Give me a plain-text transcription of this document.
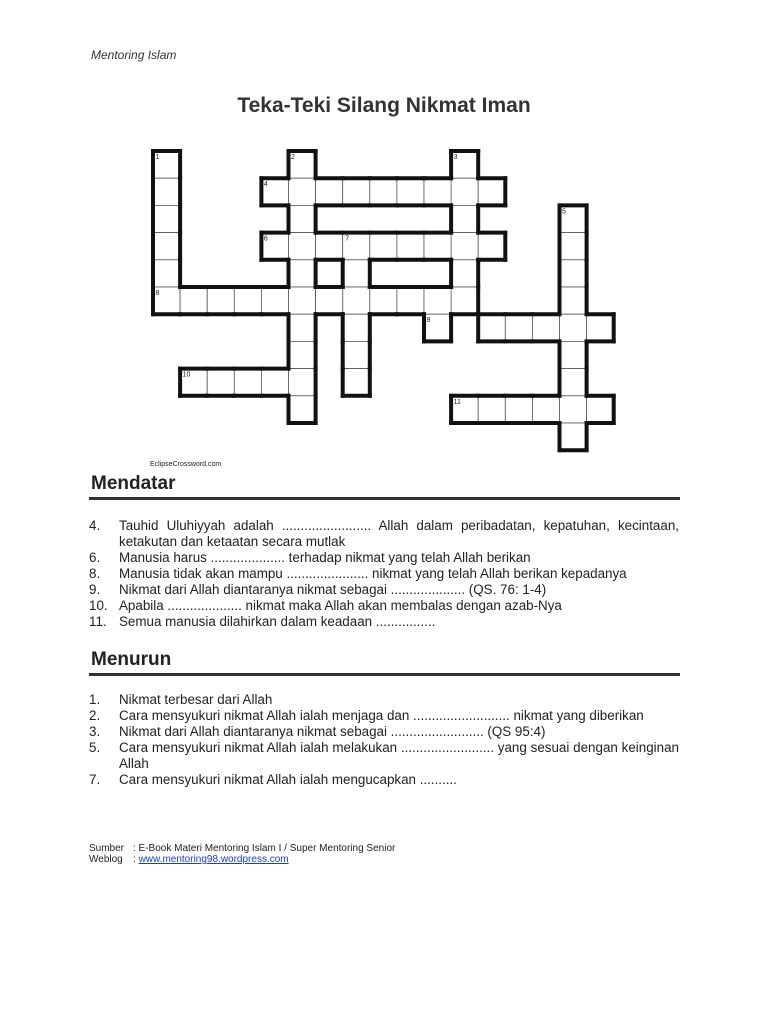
Mentoring Islam
Teka-Teki Silang Nikmat Iman
1	2	3
4
5
6	7
8
9
10
11
EclipseCrossword.com
Mendatar
4. Tauhid Uluhiyyah adalah ........................ Allah dalam peribadatan, kepatuhan, kecintaan, ketakutan dan ketaatan secara mutlak
6. Manusia harus .................... terhadap nikmat yang telah Allah berikan
8. Manusia tidak akan mampu ...................... nikmat yang telah Allah berikan kepadanya
9. Nikmat dari Allah diantaranya nikmat sebagai .................... (QS. 76: 1-4)
10. Apabila .................... nikmat maka Allah akan membalas dengan azab-Nya
11. Semua manusia dilahirkan dalam keadaan ................
Menurun
1. Nikmat terbesar dari Allah
2. Cara mensyukuri nikmat Allah ialah menjaga dan .......................... nikmat yang diberikan
3. Nikmat dari Allah diantaranya nikmat sebagai ......................... (QS 95:4)
5. Cara mensyukuri nikmat Allah ialah melakukan ......................... yang sesuai dengan keinginan Allah
7. Cara mensyukuri nikmat Allah ialah mengucapkan ..........
Sumber : E-Book Materi Mentoring Islam I / Super Mentoring Senior
Weblog : www.mentoring98.wordpress.com
